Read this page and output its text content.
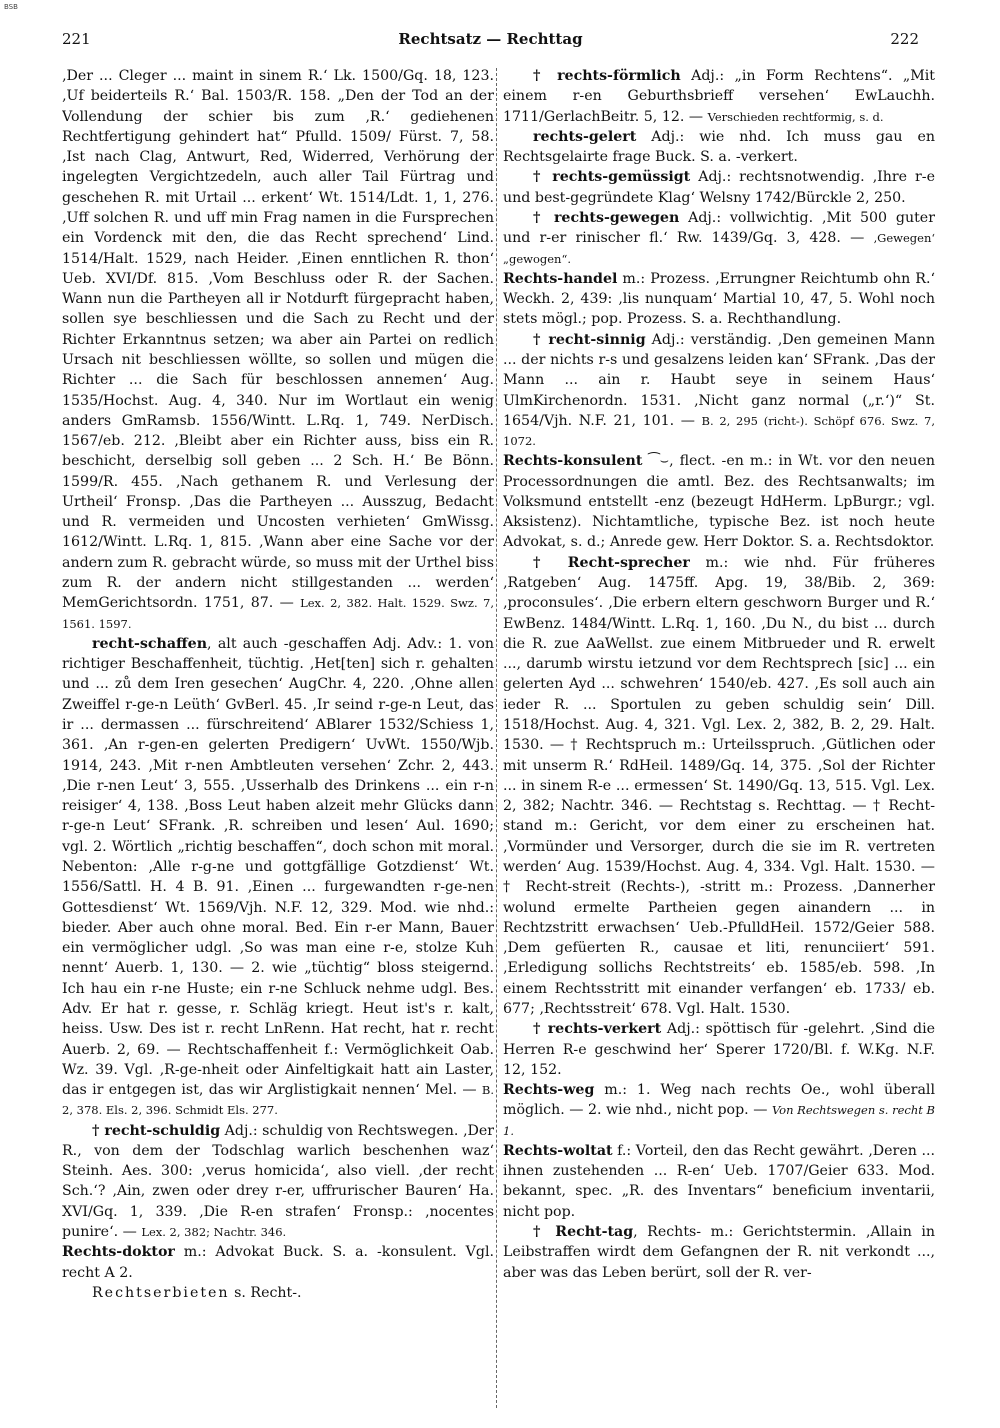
BSB
221	Rechtsatz — Rechttag	222

‚Der ... Cleger ... maint in sinem R.‘ Lk. 1500/Gq. 18, 123. ‚Uf beiderteils R.‘ Bal. 1503/R. 158. „Den der Tod an der Vollendung der schier bis zum ‚R.‘ gediehenen Rechtfertigung gehindert hat“ Pfulld. 1509/ Fürst. 7, 58. ‚Ist nach Clag, Antwurt, Red, Widerred, Verhörung der ingelegten Vergichtzedeln, auch aller Tail Fürtrag und geschehen R. mit Urtail ... erkent‘ Wt. 1514/Ldt. 1, 1, 276. ‚Uff solchen R. und uff min Frag namen in die Fursprechen ein Vordenck mit den, die das Recht sprechend‘ Lind. 1514/Halt. 1529, nach Heider. ‚Einen enntlichen R. thon‘ Ueb. XVI/Df. 815. ‚Vom Beschluss oder R. der Sachen. Wann nun die Partheyen all ir Notdurft fürgepracht haben, sollen sye beschliessen und die Sach zu Recht und der Richter Erkanntnus setzen; wa aber ain Partei on redlich Ursach nit beschliessen wöllte, so sollen und mügen die Richter ... die Sach für beschlossen annemen‘ Aug. 1535/Hochst. Aug. 4, 340. Nur im Wortlaut ein wenig anders GmRamsb. 1556/Wintt. L.Rq. 1, 749. NerDisch. 1567/eb. 212. ‚Bleibt aber ein Richter auss, biss ein R. beschicht, derselbig soll geben ... 2 Sch. H.‘ Be Bönn. 1599/R. 455. ‚Nach gethanem R. und Verlesung der Urtheil‘ Fronsp. ‚Das die Partheyen ... Ausszug, Bedacht und R. vermeiden und Uncosten verhieten‘ GmWissg. 1612/Wintt. L.Rq. 1, 815. ‚Wann aber eine Sache vor der andern zum R. gebracht würde, so muss mit der Urthel biss zum R. der andern nicht stillgestanden ... werden‘ MemGerichtsordn. 1751, 87. — Lex. 2, 382. Halt. 1529. Swz. 7, 1561. 1597.

recht-schaffen, alt auch -geschaffen Adj. Adv.: 1. von richtiger Beschaffenheit, tüchtig. ‚Het[ten] sich r. gehalten und ... zů dem Iren gesechen‘ AugChr. 4, 220. ‚Ohne allen Zweiffel r-ge-n Leüth‘ GvBerl. 45. ‚Ir seind r-ge-n Leut, das ir ... dermassen ... fürschreitend‘ ABlarer 1532/Schiess 1, 361. ‚An r-gen-en gelerten Predigern‘ UvWt. 1550/Wjb. 1914, 243. ‚Mit r-nen Ambtleuten versehen‘ Zchr. 2, 443. ‚Die r-nen Leut‘ 3, 555. ‚Usserhalb des Drinkens ... ein r-n reisiger‘ 4, 138. ‚Boss Leut haben alzeit mehr Glücks dann r-ge-n Leut‘ SFrank. ‚R. schreiben und lesen‘ Aul. 1690; vgl. 2. Wörtlich „richtig beschaffen“, doch schon mit moral. Nebenton: ‚Alle r-g-ne und gottgfällige Gotzdienst‘ Wt. 1556/Sattl. H. 4 B. 91. ‚Einen ... furgewandten r-ge-nen Gottesdienst‘ Wt. 1569/Vjh. N.F. 12, 329. Mod. wie nhd.: bieder. Aber auch ohne moral. Bed. Ein r-er Mann, Bauer ein vermöglicher udgl. ‚So was man eine r-e, stolze Kuh nennt‘ Auerb. 1, 130. — 2. wie „tüchtig“ bloss steigernd. Ich hau ein r-ne Huste; ein r-ne Schluck nehme udgl. Bes. Adv. Er hat r. gesse, r. Schläg kriegt. Heut ist's r. kalt, heiss. Usw. Des ist r. recht LnRenn. Hat recht, hat r. recht Auerb. 2, 69. — Rechtschaffenheit f.: Vermöglichkeit Oab. Wz. 39. Vgl. ‚R-ge-nheit oder Ainfeltigkait hatt ain Laster, das ir entgegen ist, das wir Arglistigkait nennen‘ Mel. — B. 2, 378. Els. 2, 396. Schmidt Els. 277.

† recht-schuldig Adj.: schuldig von Rechtswegen. ‚Der R., von dem der Todschlag warlich beschenhen waz‘ Steinh. Aes. 300: ‚verus homicida‘, also viell. ‚der recht Sch.‘? ‚Ain, zwen oder drey r-er, uffrurischer Bauren‘ Ha. XVI/Gq. 1, 339. ‚Die R-en strafen‘ Fronsp.: ‚nocentes punire‘. — Lex. 2, 382; Nachtr. 346.

Rechts-doktor m.: Advokat Buck. S. a. -konsulent. Vgl. recht A 2.

Rechtserbieten s. Recht-.

† rechts-förmlich Adj.: „in Form Rechtens“. „Mit einem r-en Geburthsbrieff versehen‘ EwLauchh. 1711/GerlachBeitr. 5, 12. — Verschieden rechtformig, s. d.

rechts-gelert Adj.: wie nhd. Ich muss gau en Rechtsgelairte frage Buck. S. a. -verkert.

† rechts-gemüssigt Adj.: rechtsnotwendig. ‚Ihre r-e und best-gegründete Klag‘ Welsny 1742/Bürckle 2, 250.

† rechts-gewegen Adj.: vollwichtig. ‚Mit 500 guter und r-er rinischer fl.‘ Rw. 1439/Gq. 3, 428. — ‚Gewegen‘ „gewogen“.

Rechts-handel m.: Prozess. ‚Errungner Reichtumb ohn R.‘ Weckh. 2, 439: ‚lis nunquam‘ Martial 10, 47, 5. Wohl noch stets mögl.; pop. Prozess. S. a. Rechthandlung.

† recht-sinnig Adj.: verständig. ‚Den gemeinen Mann ... der nichts r-s und gesalzens leiden kan‘ SFrank. ‚Das der Mann ... ain r. Haubt seye in seinem Haus‘ UlmKirchenordn. 1531. ‚Nicht ganz normal („r.‘)“ St. 1654/Vjh. N.F. 21, 101. — B. 2, 295 (richt-). Schöpf 676. Swz. 7, 1072.

Rechts-konsulent ⁀⌣, flect. -en m.: in Wt. vor den neuen Processordnungen die amtl. Bez. des Rechtsanwalts; im Volksmund entstellt -enz (bezeugt HdHerm. LpBurgr.; vgl. Aksistenz). Nichtamtliche, typische Bez. ist noch heute Advokat, s. d.; Anrede gew. Herr Doktor. S. a. Rechtsdoktor.

† Recht-sprecher m.: wie nhd. Für früheres ‚Ratgeben‘ Aug. 1475ff. Apg. 19, 38/Bib. 2, 369: ‚proconsules‘. ‚Die erbern eltern geschworn Burger und R.‘ EwBenz. 1484/Wintt. L.Rq. 1, 160. ‚Du N., du bist ... durch die R. zue AaWellst. zue einem Mitbrueder und R. erwelt ..., darumb wirstu ietzund vor dem Rechtsprech [sic] ... ein gelerten Ayd ... schwehren‘ 1540/eb. 427. ‚Es soll auch ain ieder R. ... Sportulen zu geben schuldig sein‘ Dill. 1518/Hochst. Aug. 4, 321. Vgl. Lex. 2, 382, B. 2, 29. Halt. 1530. — † Rechtspruch m.: Urteilsspruch. ‚Gütlichen oder mit unserm R.‘ RdHeil. 1489/Gq. 14, 375. ‚Sol der Richter ... in sinem R-e ... ermessen‘ St. 1490/Gq. 13, 515. Vgl. Lex. 2, 382; Nachtr. 346. — Rechtstag s. Rechttag. — † Recht-stand m.: Gericht, vor dem einer zu erscheinen hat. ‚Vormünder und Versorger, durch die sie im R. vertreten werden‘ Aug. 1539/Hochst. Aug. 4, 334. Vgl. Halt. 1530. — † Recht-streit (Rechts-), -stritt m.: Prozess. ‚Dannerher wolund ermelte Partheien gegen ainandern ... in Rechtzstritt erwachsen‘ Ueb.-PfulldHeil. 1572/Geier 588. ‚Dem gefüerten R., causae et liti, renunciiert‘ 591. ‚Erledigung sollichs Rechtstreits‘ eb. 1585/eb. 598. ‚In einem Rechtsstritt mit einander verfangen‘ eb. 1733/ eb. 677; ‚Rechtsstreit‘ 678. Vgl. Halt. 1530.

† rechts-verkert Adj.: spöttisch für -gelehrt. ‚Sind die Herren R-e geschwind her‘ Sperer 1720/Bl. f. W.Kg. N.F. 12, 152.

Rechts-weg m.: 1. Weg nach rechts Oe., wohl überall möglich. — 2. wie nhd., nicht pop. — Von Rechtswegen s. recht B 1.

Rechts-woltat f.: Vorteil, den das Recht gewährt. ‚Deren ... ihnen zustehenden ... R-en‘ Ueb. 1707/Geier 633. Mod. bekannt, spec. „R. des Inventars“ beneficium inventarii, nicht pop.

† Recht-tag, Rechts- m.: Gerichtstermin. ‚Allain in Leibstraffen wirdt dem Gefangnen der R. nit verkondt ..., aber was das Leben berürt, soll der R. ver-
